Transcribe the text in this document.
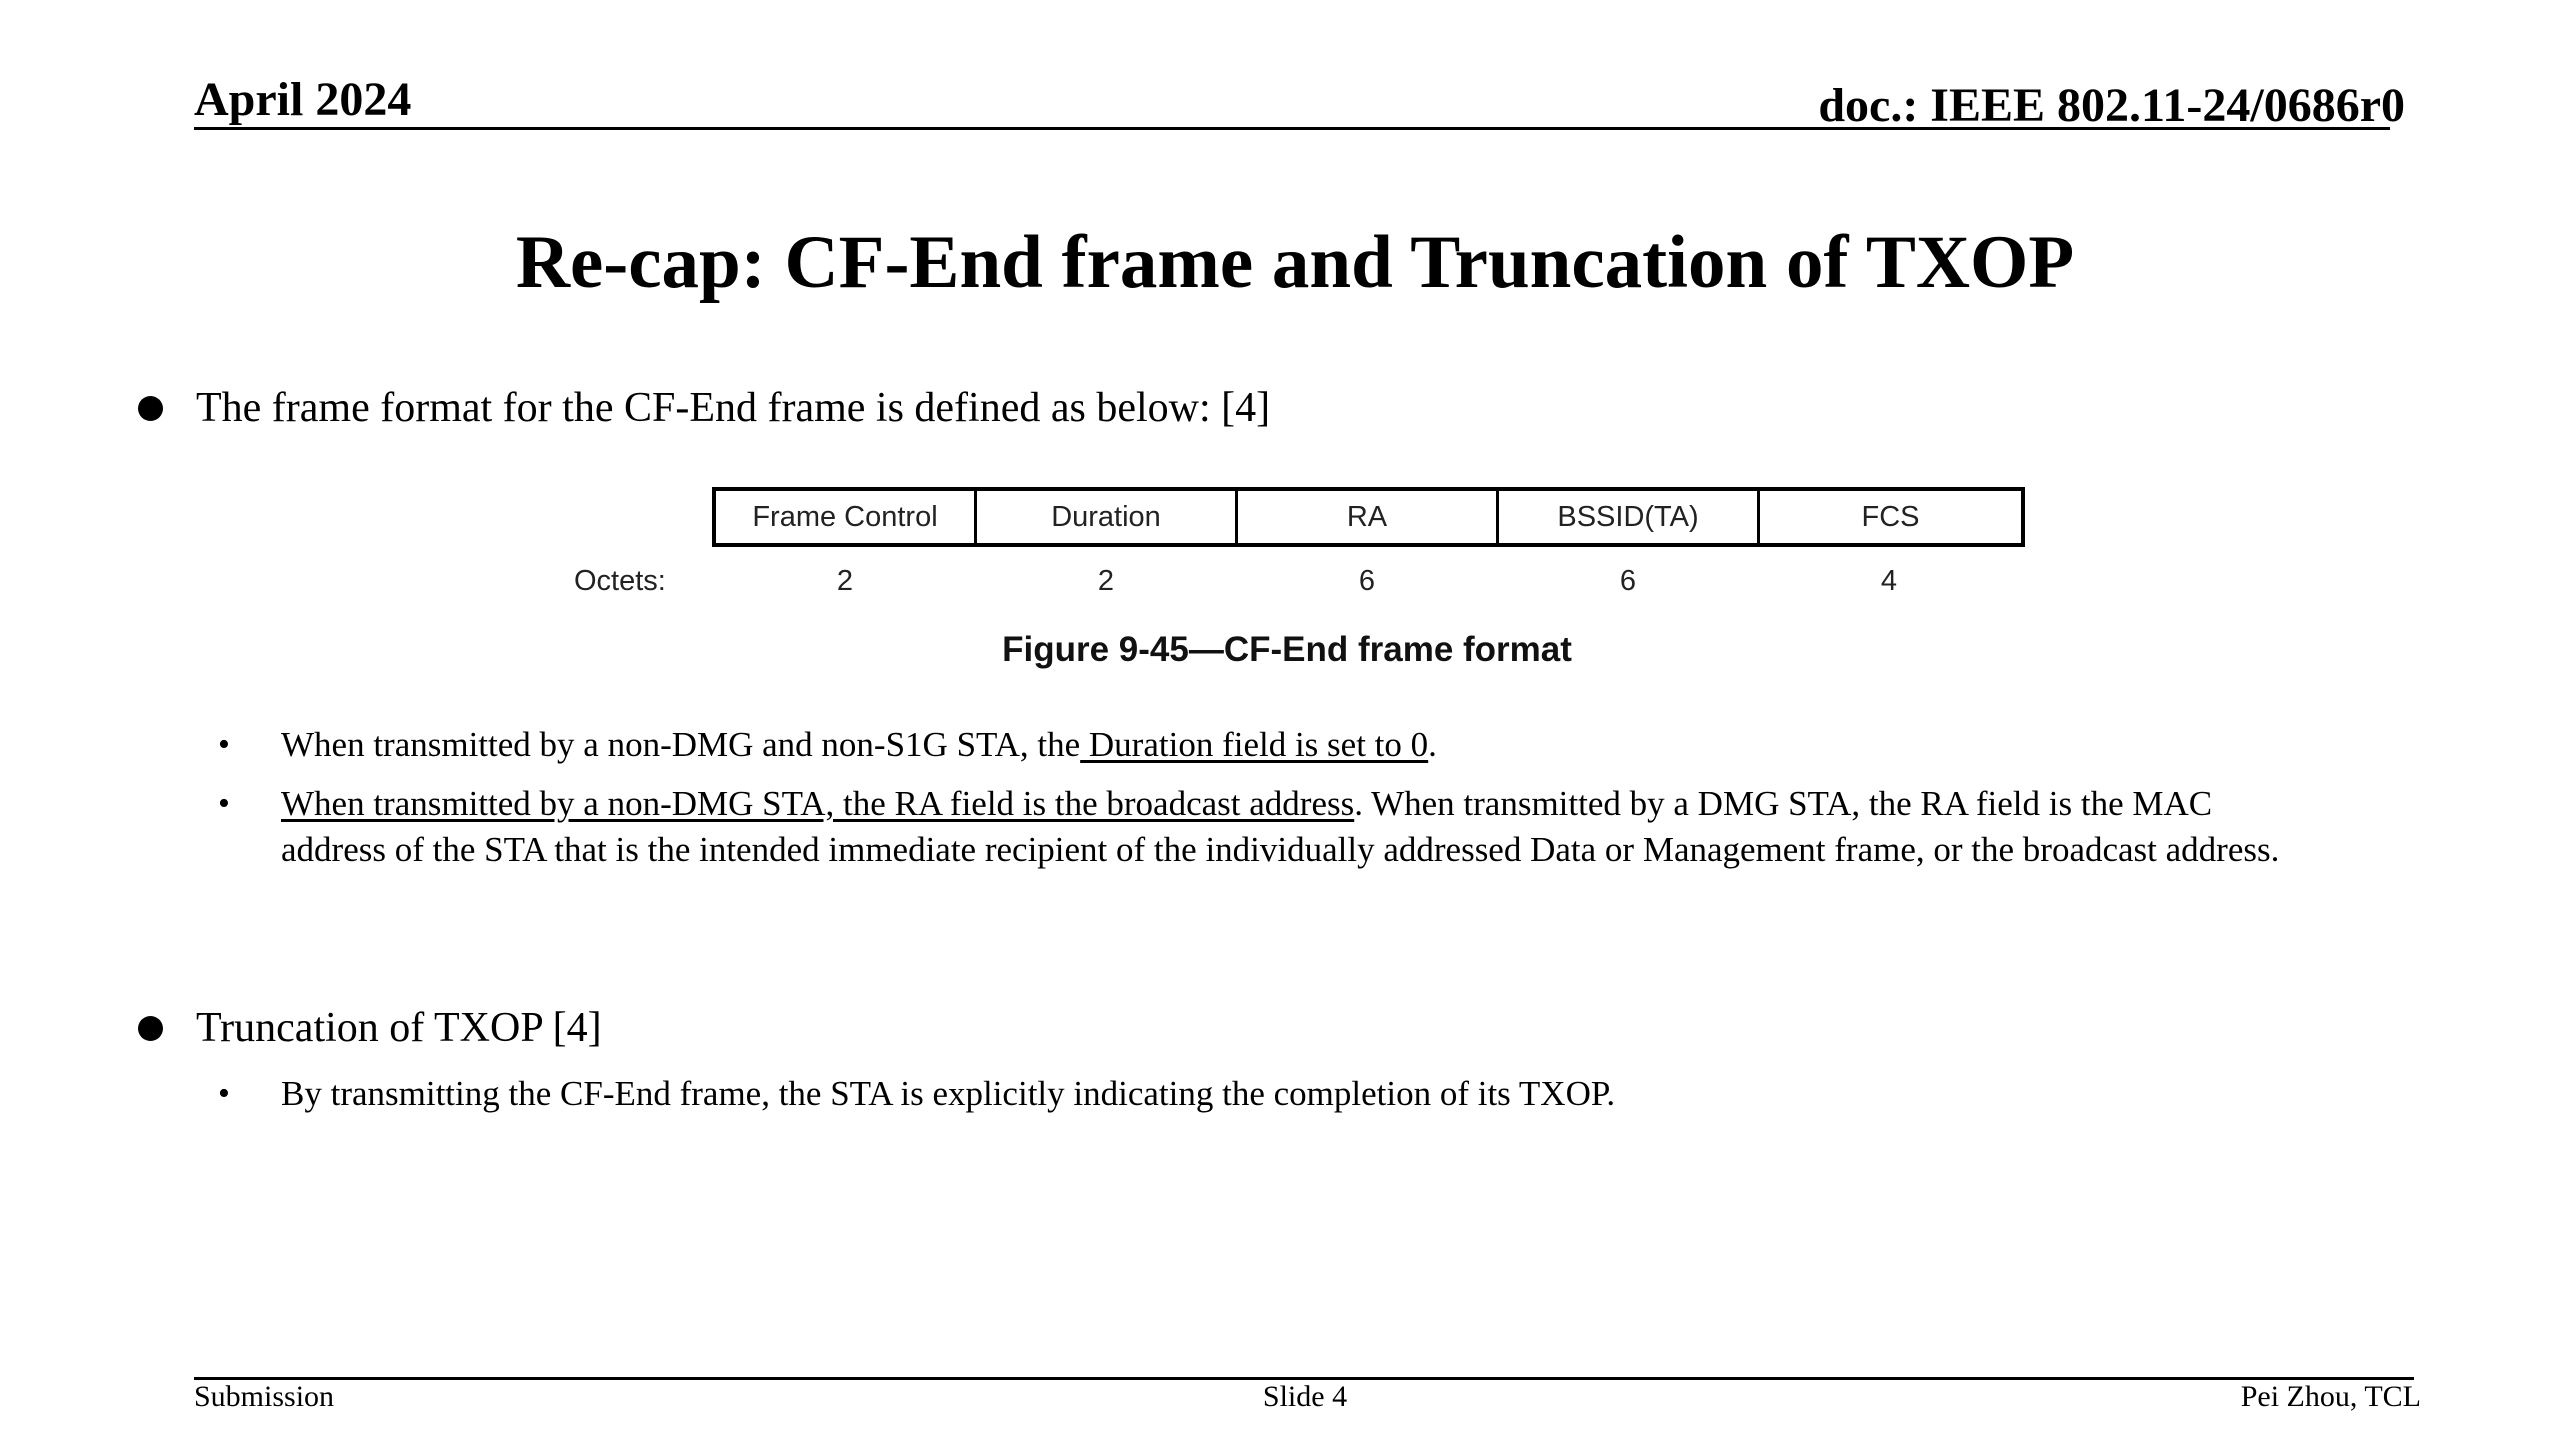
April 2024	doc.: IEEE 802.11-24/0686r0
Re-cap: CF-End frame and Truncation of TXOP
The frame format for the CF-End frame is defined as below: [4]
Frame Control	Duration	RA	BSSID(TA)	FCS
Octets:	2	2	6	6	4
Figure 9-45—CF-End frame format
• When transmitted by a non-DMG and non-S1G STA, the Duration field is set to 0.
• When transmitted by a non-DMG STA, the RA field is the broadcast address. When transmitted by a DMG STA, the RA field is the MAC
address of the STA that is the intended immediate recipient of the individually addressed Data or Management frame, or the broadcast address.
Truncation of TXOP [4]
• By transmitting the CF-End frame, the STA is explicitly indicating the completion of its TXOP.
Submission	Slide 4	Pei Zhou, TCL
